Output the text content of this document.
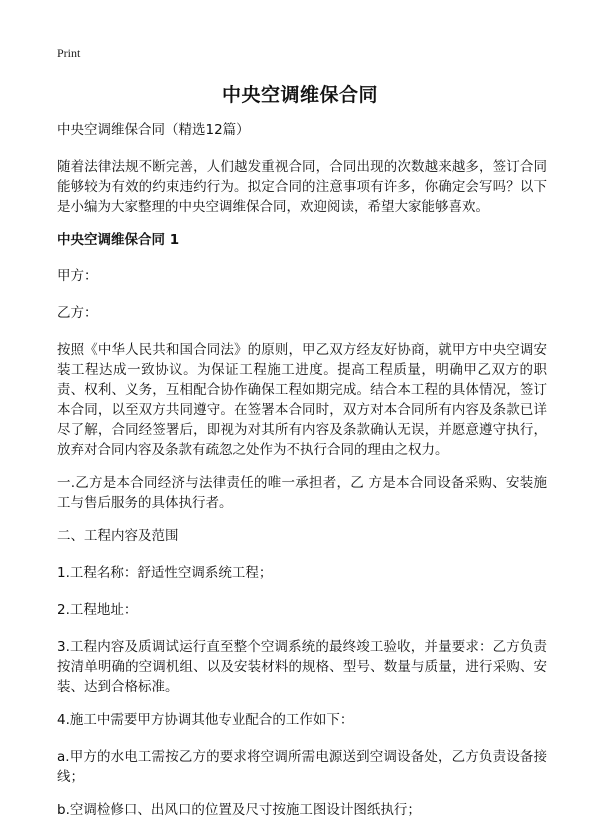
Print
中央空调维保合同

中央空调维保合同（精选12篇）

随着法律法规不断完善，人们越发重视合同，合同出现的次数越来越多，签订合同能够较为有效的约束违约行为。拟定合同的注意事项有许多，你确定会写吗？以下是小编为大家整理的中央空调维保合同，欢迎阅读，希望大家能够喜欢。

中央空调维保合同 1

甲方：

乙方：

按照《中华人民共和国合同法》的原则，甲乙双方经友好协商，就甲方中央空调安装工程达成一致协议。为保证工程施工进度。提高工程质量，明确甲乙双方的职责、权利、义务，互相配合协作确保工程如期完成。结合本工程的具体情况，签订本合同，以至双方共同遵守。在签署本合同时，双方对本合同所有内容及条款已详尽了解，合同经签署后，即视为对其所有内容及条款确认无误，并愿意遵守执行，放弃对合同内容及条款有疏忽之处作为不执行合同的理由之权力。

一.乙方是本合同经济与法律责任的唯一承担者，乙 方是本合同设备采购、安装施工与售后服务的具体执行者。

二、工程内容及范围

1.工程名称：舒适性空调系统工程；

2.工程地址：

3.工程内容及质调试运行直至整个空调系统的最终竣工验收，并量要求：乙方负责按清单明确的空调机组、以及安装材料的规格、型号、数量与质量，进行采购、安装、达到合格标准。

4.施工中需要甲方协调其他专业配合的工作如下：

a.甲方的水电工需按乙方的要求将空调所需电源送到空调设备处，乙方负责设备接线；

b.空调检修口、出风口的位置及尺寸按施工图设计图纸执行；
